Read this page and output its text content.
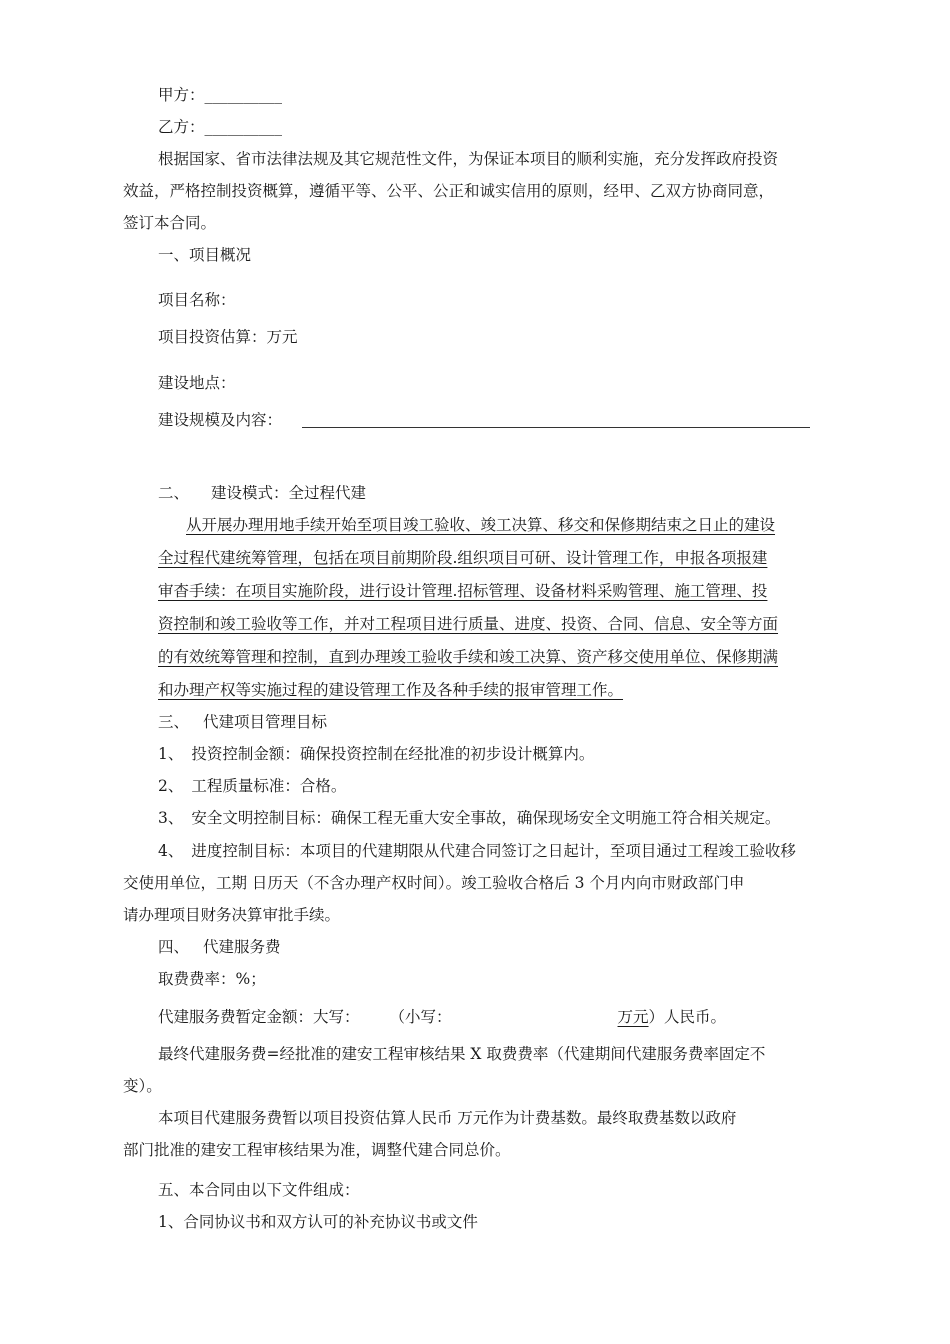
甲方：__________
乙方：__________
根据国家、省市法律法规及其它规范性文件，为保证本项目的顺利实施，充分发挥政府投资
效益，严格控制投资概算，遵循平等、公平、公正和诚实信用的原则，经甲、乙双方协商同意，
签订本合同。
一、项目概况
项目名称：
项目投资估算：万元
建设地点：
建设规模及内容：
二、 建设模式：全过程代建
从开展办理用地手续开始至项目竣工验收、竣工决算、移交和保修期结束之日止的建设
全过程代建统筹管理，包括在项目前期阶段.组织项目可研、设计管理工作，申报各项报建
审杳手续：在项目实施阶段，进行设计管理.招标管理、设备材料采购管理、施工管理、投
资控制和竣工验收等工作，并对工程项目进行质量、进度、投资、合同、信息、安全等方面
的有效统筹管理和控制，直到办理竣工验收手续和竣工决算、资产移交使用单位、保修期满
和办理产权等实施过程的建设管理工作及各种手续的报审管理工作。
三、 代建项目管理目标
1、 投资控制金额：确保投资控制在经批准的初步设计概算内。
2、 工程质量标准：合格。
3、 安全文明控制目标：确保工程无重大安全事故，确保现场安全文明施工符合相关规定。
4、 进度控制目标：本项目的代建期限从代建合同签订之日起计，至项目通过工程竣工验收移
交使用单位，工期 日历天（不含办理产权时间）。竣工验收合格后 3 个月内向市财政部门申
请办理项目财务决算审批手续。
四、 代建服务费
取费费率：%；
代建服务费暂定金额：大写： （小写：	万元）人民币。
最终代建服务费=经批准的建安工程审核结果 X 取费费率（代建期间代建服务费率固定不
变）。
本项目代建服务费暂以项目投资估算人民币 万元作为计费基数。最终取费基数以政府
部门批准的建安工程审核结果为准，调整代建合同总价。
五、本合同由以下文件组成：
1、合同协议书和双方认可的补充协议书或文件
